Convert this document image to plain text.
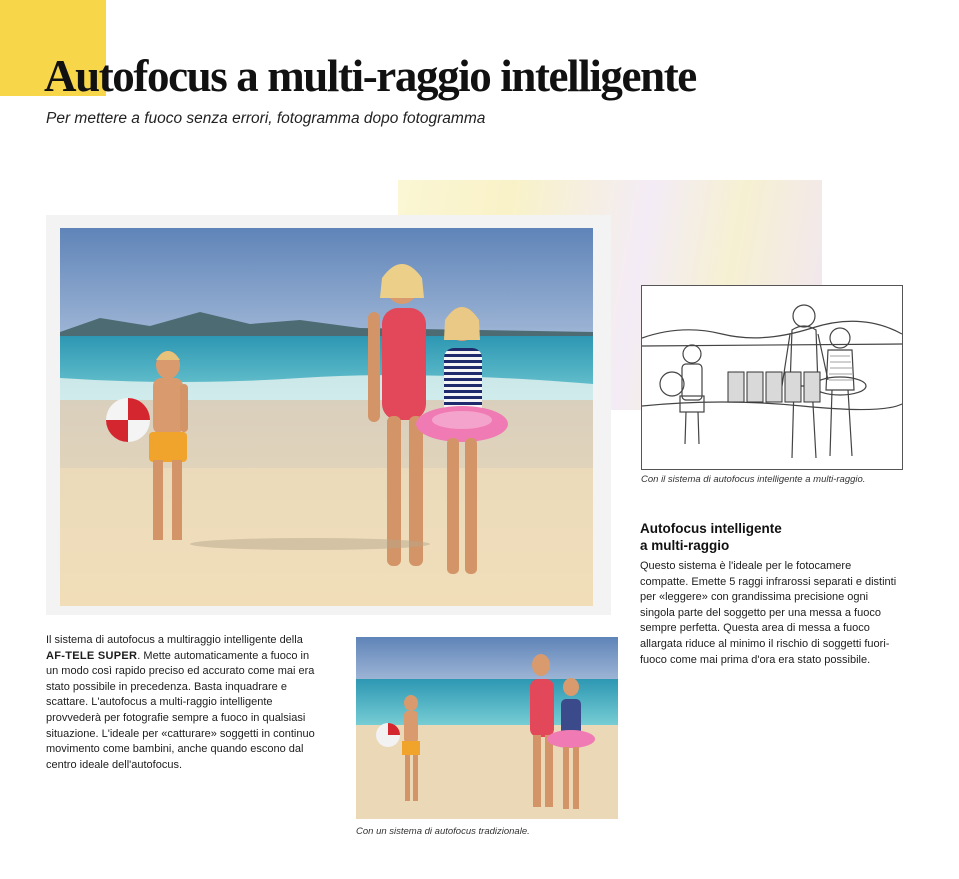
Autofocus a multi-raggio intelligente
Per mettere a fuoco senza errori, fotogramma dopo fotogramma
Con il sistema di autofocus intelligente a multi-raggio.
Autofocus intelligente
a multi-raggio
Questo sistema è l'ideale per le fotocamere compatte. Emette 5 raggi infrarossi separati e distinti per «leggere» con grandissima precisione ogni singola parte del soggetto per una messa a fuoco sempre perfetta. Questa area di messa a fuoco allargata riduce al minimo il rischio di soggetti fuori-fuoco come mai prima d'ora era stato possibile.
Il sistema di autofocus a multiraggio intelligente della AF-TELE SUPER. Mette automaticamente a fuoco in un modo così rapido preciso ed accurato come mai era stato possibile in precedenza. Basta inquadrare e scattare. L'autofocus a multi-raggio intelligente provvederà per fotografie sempre a fuoco in qualsiasi situazione. L'ideale per «catturare» soggetti in continuo movimento come bambini, anche quando escono dal centro ideale dell'autofocus.
Con un sistema di autofocus tradizionale.
